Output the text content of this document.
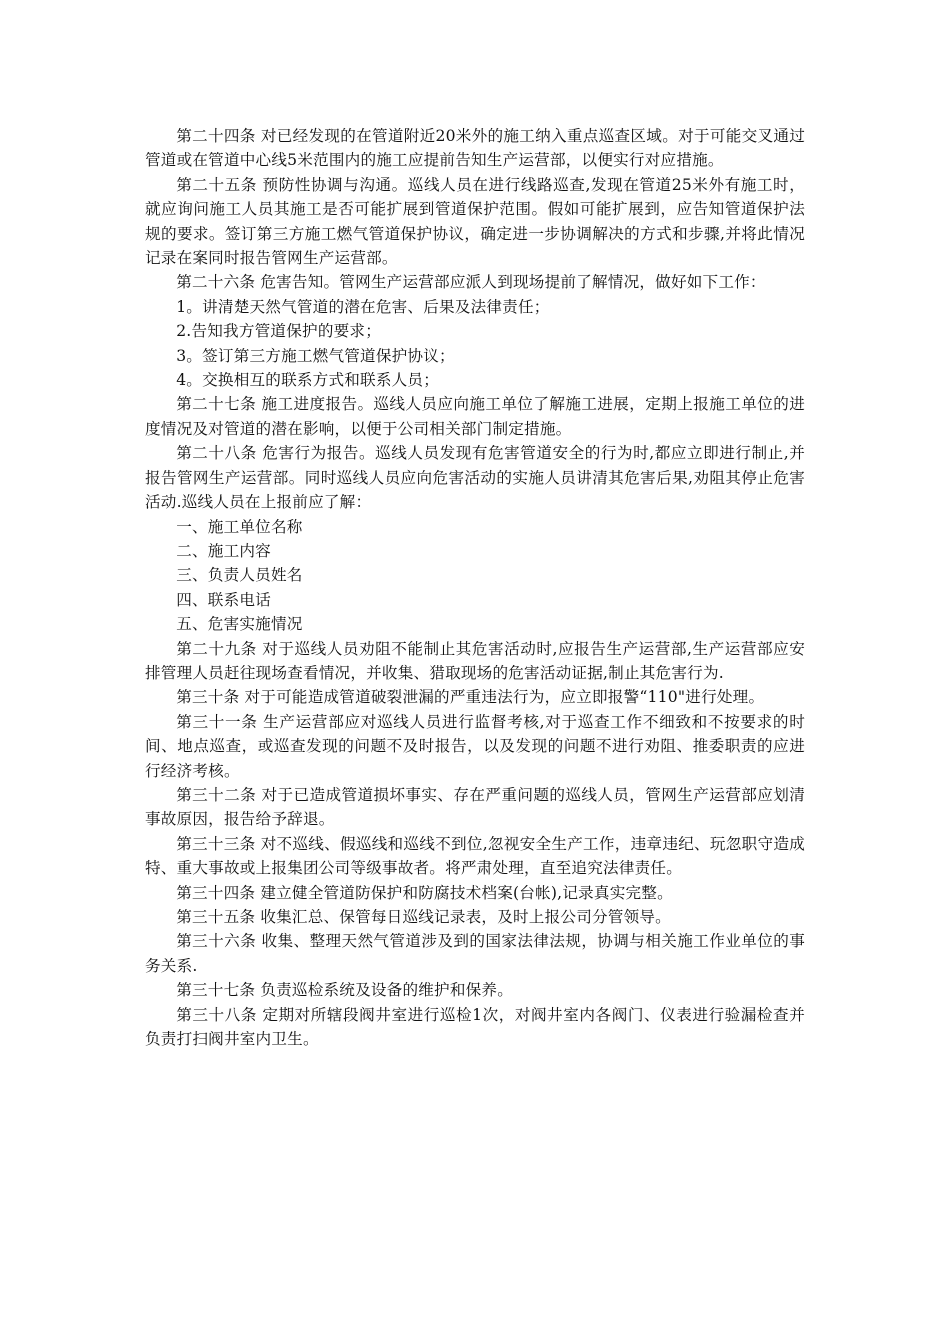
第二十四条 对已经发现的在管道附近20米外的施工纳入重点巡查区域。对于可能交叉通过管道或在管道中心线5米范围内的施工应提前告知生产运营部，以便实行对应措施。

第二十五条 预防性协调与沟通。巡线人员在进行线路巡查,发现在管道25米外有施工时，就应询问施工人员其施工是否可能扩展到管道保护范围。假如可能扩展到，应告知管道保护法规的要求。签订第三方施工燃气管道保护协议，确定进一步协调解决的方式和步骤,并将此情况记录在案同时报告管网生产运营部。

第二十六条 危害告知。管网生产运营部应派人到现场提前了解情况，做好如下工作：

1。讲清楚天然气管道的潜在危害、后果及法律责任；

2.告知我方管道保护的要求；

3。签订第三方施工燃气管道保护协议；

4。交换相互的联系方式和联系人员；

第二十七条 施工进度报告。巡线人员应向施工单位了解施工进展，定期上报施工单位的进度情况及对管道的潜在影响，以便于公司相关部门制定措施。

第二十八条 危害行为报告。巡线人员发现有危害管道安全的行为时,都应立即进行制止,并报告管网生产运营部。同时巡线人员应向危害活动的实施人员讲清其危害后果,劝阻其停止危害活动.巡线人员在上报前应了解：

一、施工单位名称

二、施工内容

三、负责人员姓名

四、联系电话

五、危害实施情况

第二十九条 对于巡线人员劝阻不能制止其危害活动时,应报告生产运营部,生产运营部应安排管理人员赶往现场查看情况，并收集、猎取现场的危害活动证据,制止其危害行为.

第三十条 对于可能造成管道破裂泄漏的严重违法行为，应立即报警“110"进行处理。

第三十一条 生产运营部应对巡线人员进行监督考核,对于巡查工作不细致和不按要求的时间、地点巡查，或巡查发现的问题不及时报告，以及发现的问题不进行劝阻、推委职责的应进行经济考核。

第三十二条 对于已造成管道损坏事实、存在严重问题的巡线人员，管网生产运营部应划清事故原因，报告给予辞退。

第三十三条 对不巡线、假巡线和巡线不到位,忽视安全生产工作，违章违纪、玩忽职守造成特、重大事故或上报集团公司等级事故者。将严肃处理，直至追究法律责任。

第三十四条 建立健全管道防保护和防腐技术档案(台帐),记录真实完整。

第三十五条 收集汇总、保管每日巡线记录表，及时上报公司分管领导。

第三十六条 收集、整理天然气管道涉及到的国家法律法规，协调与相关施工作业单位的事务关系.

第三十七条 负责巡检系统及设备的维护和保养。

第三十八条 定期对所辖段阀井室进行巡检1次，对阀井室内各阀门、仪表进行验漏检查并负责打扫阀井室内卫生。
